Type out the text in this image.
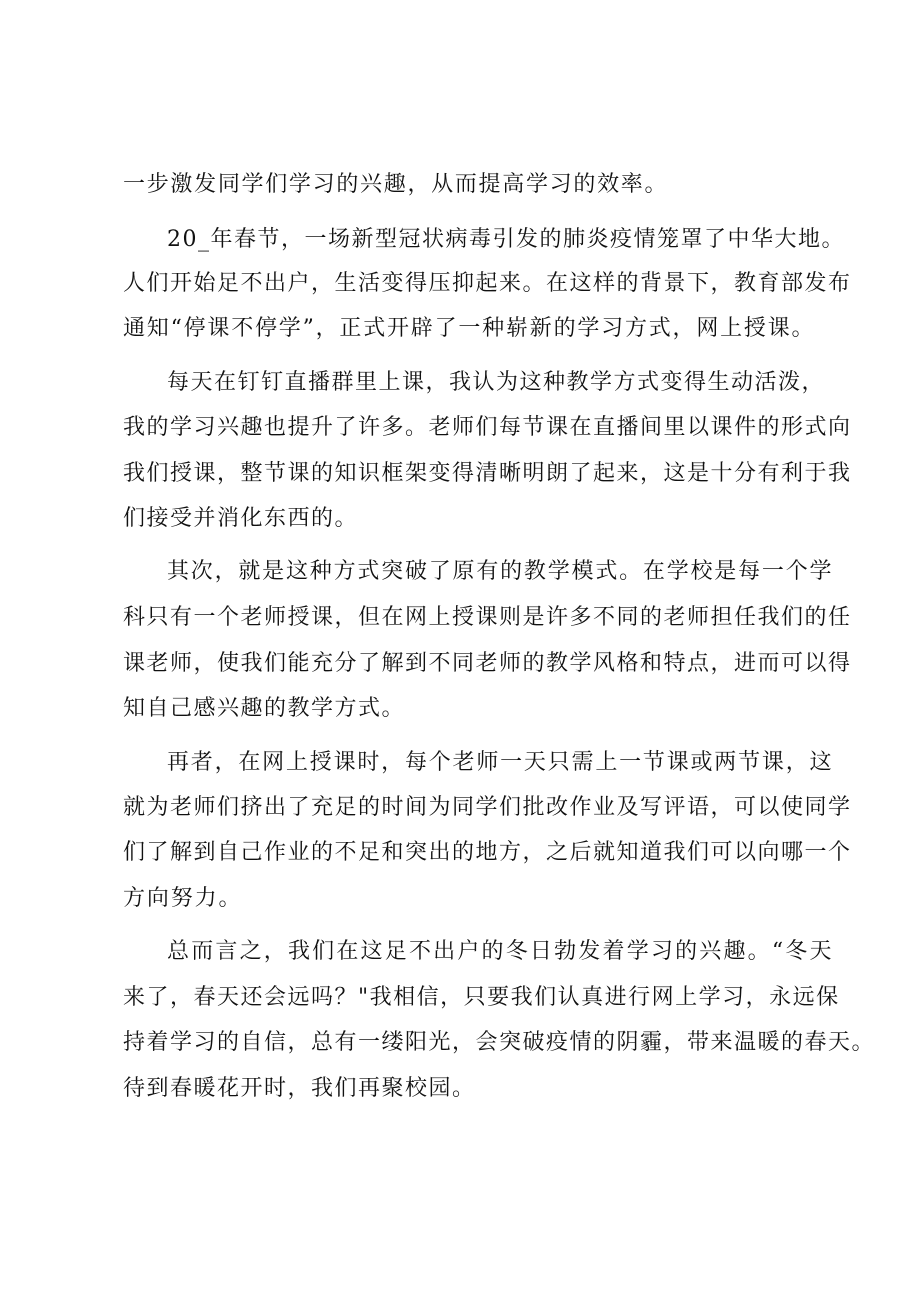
一步激发同学们学习的兴趣，从而提高学习的效率。
20_年春节，一场新型冠状病毒引发的肺炎疫情笼罩了中华大地。
人们开始足不出户，生活变得压抑起来。在这样的背景下，教育部发布
通知“停课不停学”，正式开辟了一种崭新的学习方式，网上授课。
每天在钉钉直播群里上课，我认为这种教学方式变得生动活泼，
我的学习兴趣也提升了许多。老师们每节课在直播间里以课件的形式向
我们授课，整节课的知识框架变得清晰明朗了起来，这是十分有利于我
们接受并消化东西的。
其次，就是这种方式突破了原有的教学模式。在学校是每一个学
科只有一个老师授课，但在网上授课则是许多不同的老师担任我们的任
课老师，使我们能充分了解到不同老师的教学风格和特点，进而可以得
知自己感兴趣的教学方式。
再者，在网上授课时，每个老师一天只需上一节课或两节课，这
就为老师们挤出了充足的时间为同学们批改作业及写评语，可以使同学
们了解到自己作业的不足和突出的地方，之后就知道我们可以向哪一个
方向努力。
总而言之，我们在这足不出户的冬日勃发着学习的兴趣。“冬天
来了，春天还会远吗？"我相信，只要我们认真进行网上学习，永远保
持着学习的自信，总有一缕阳光，会突破疫情的阴霾，带来温暖的春天。
待到春暖花开时，我们再聚校园。
